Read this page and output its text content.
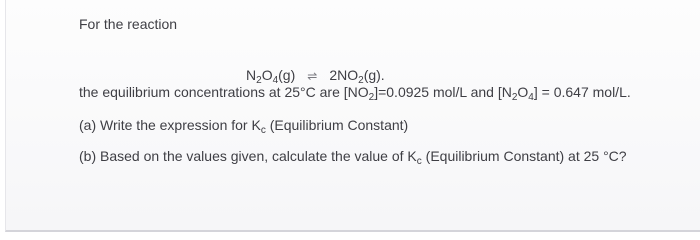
For the reaction
$N_2O_4(g)$ ⇌ $2NO_2(g)$.
the equilibrium concentrations at 25°C are $[NO_2]=0.0925$ mol/L and $[N_2O_4] = 0.647$ mol/L.
(a) Write the expression for $K_c$ (Equilibrium Constant)
(b) Based on the values given, calculate the value of $K_c$ (Equilibrium Constant) at 25 °C?
